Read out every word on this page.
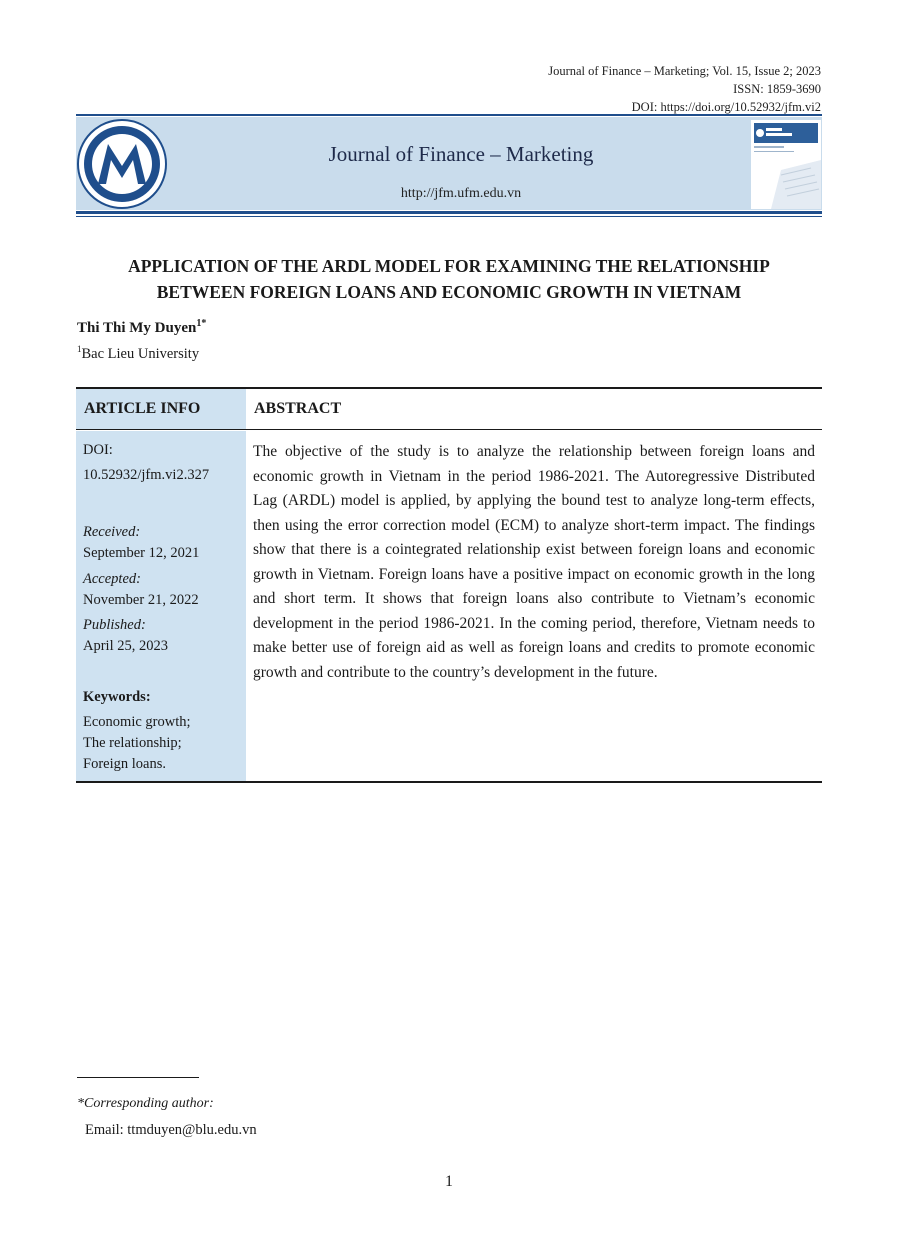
Journal of Finance – Marketing; Vol. 15, Issue 2; 2023
ISSN: 1859-3690
DOI: https://doi.org/10.52932/jfm.vi2
Journal of Finance – Marketing
http://jfm.ufm.edu.vn
APPLICATION OF THE ARDL MODEL FOR EXAMINING THE RELATIONSHIP
BETWEEN FOREIGN LOANS AND ECONOMIC GROWTH IN VIETNAM
Thi Thi My Duyen$^{1*}$
$^1$Bac Lieu University
ARTICLE INFO	ABSTRACT
DOI:
10.52932/jfm.vi2.327
Received:
September 12, 2021
Accepted:
November 21, 2022
Published:
April 25, 2023
Keywords:
Economic growth;
The relationship;
Foreign loans.
The objective of the study is to analyze the relationship between foreign loans and economic growth in Vietnam in the period 1986-2021. The Autoregressive Distributed Lag (ARDL) model is applied, by applying the bound test to analyze long-term effects, then using the error correction model (ECM) to analyze short-term impact. The findings show that there is a cointegrated relationship exist between foreign loans and economic growth in Vietnam. Foreign loans have a positive impact on economic growth in the long and short term. It shows that foreign loans also contribute to Vietnam’s economic development in the period 1986-2021. In the coming period, therefore, Vietnam needs to make better use of foreign aid as well as foreign loans and credits to promote economic growth and contribute to the country’s development in the future.
*Corresponding author:
Email: ttmduyen@blu.edu.vn
1
